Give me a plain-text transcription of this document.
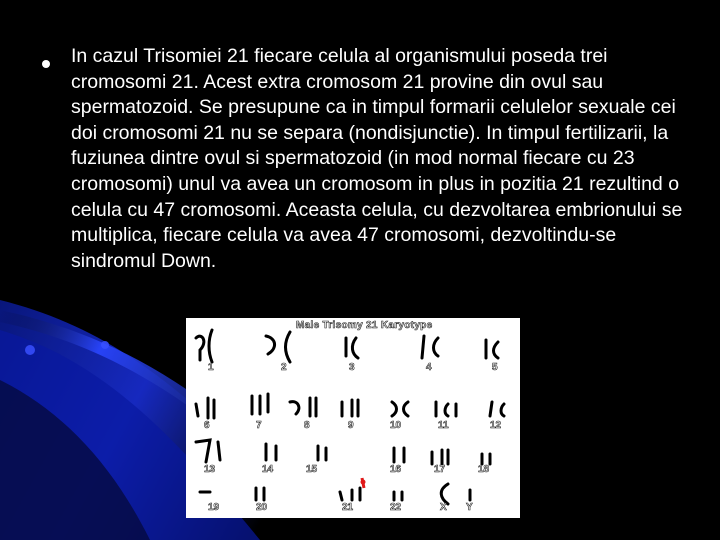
In cazul Trisomiei 21 fiecare celula al organismului poseda trei cromosomi 21. Acest extra cromosom 21 provine din ovul sau spermatozoid. Se presupune ca in timpul formarii celulelor sexuale cei doi cromosomi 21 nu se separa (nondisjunctie). In timpul fertilizarii, la fuziunea dintre ovul si spermatozoid (in mod normal fiecare cu 23 cromosomi) unul va avea un cromosom in plus in pozitia 21 rezultind o celula cu 47 cromosomi. Aceasta celula, cu dezvoltarea embrionului se multiplica, fiecare celula va avea 47 cromosomi, dezvoltindu-se sindromul Down.

Male Trisomy 21 Karyotype
1	2	3	4	5
6	7	8	9	10	11	12
13	14	15	16	17	18
19	20	21	22	X Y
